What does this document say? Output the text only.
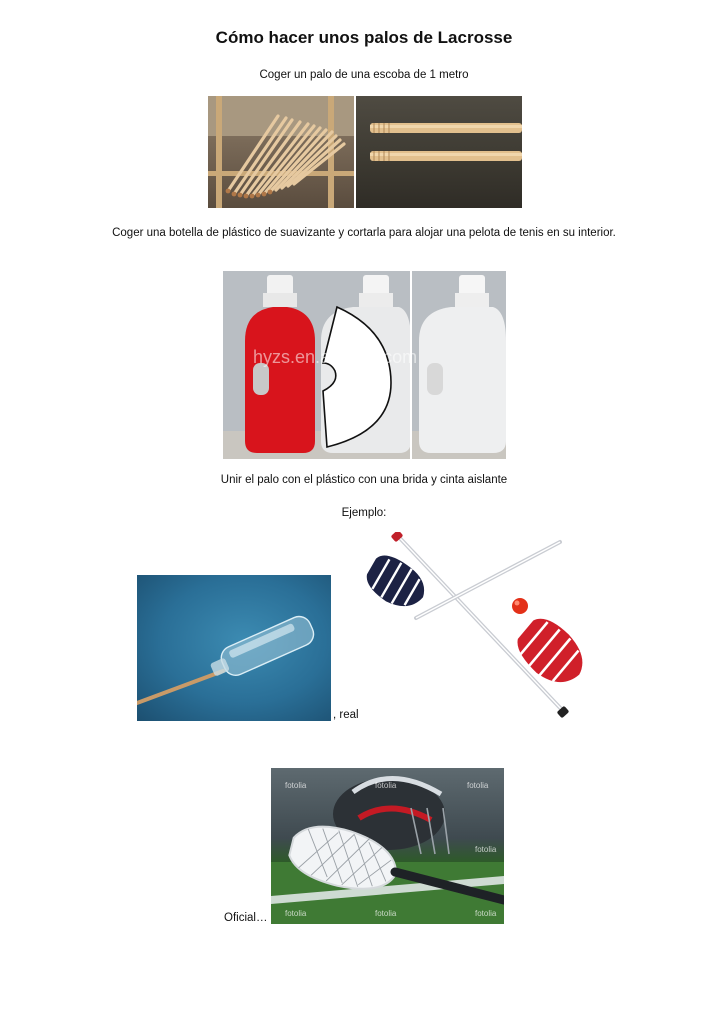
Cómo hacer unos palos de Lacrosse
Coger un palo de una escoba de 1 metro
Coger una botella de plástico de suavizante y cortarla para alojar una pelota de tenis en su interior.
hyzs.en.alibaba.com
Unir el palo con el plástico con una brida y cinta aislante
Ejemplo:
, real
fotolia	fotolia	fotolia
fotolia
fotolia	fotolia	fotolia
Oficial…
